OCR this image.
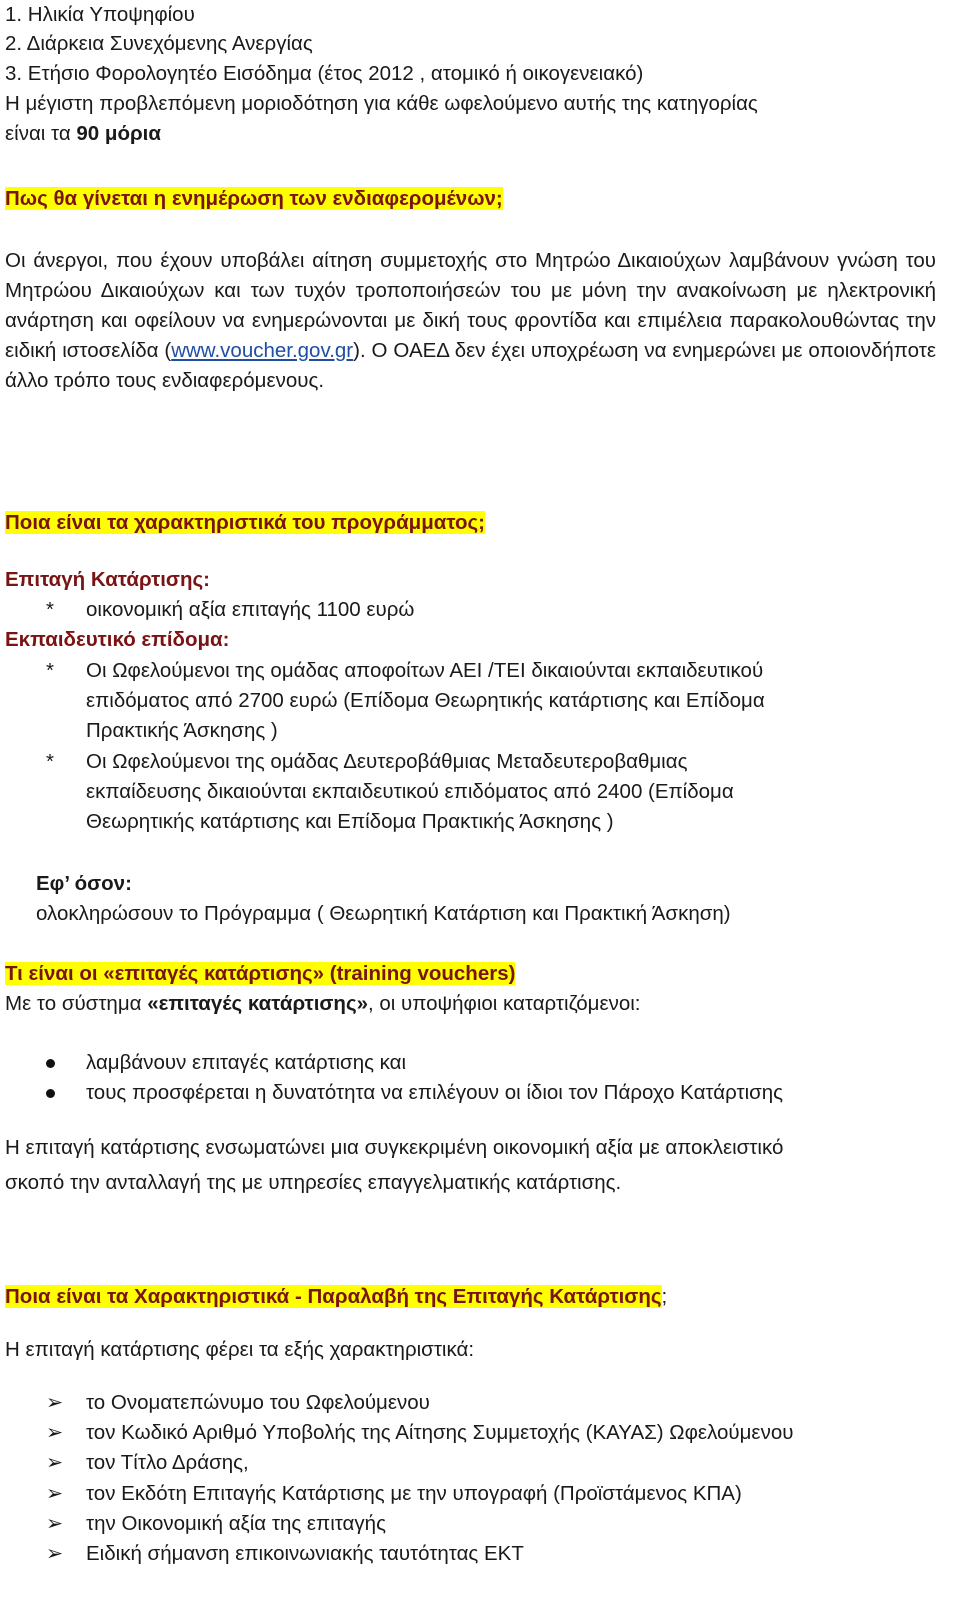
1. Ηλικία Υποψηφίου
2. Διάρκεια Συνεχόμενης Ανεργίας
3. Ετήσιο Φορολογητέο Εισόδημα (έτος 2012 , ατομικό ή οικογενειακό)
Η μέγιστη προβλεπόμενη μοριοδότηση για κάθε ωφελούμενο αυτής της κατηγορίας
είναι τα 90 μόρια
Πως θα γίνεται η ενημέρωση των ενδιαφερομένων;
Οι άνεργοι, που έχουν υποβάλει αίτηση συμμετοχής στο Μητρώο Δικαιούχων λαμβάνουν γνώση του Μητρώου Δικαιούχων και των τυχόν τροποποιήσεών του με μόνη την ανακοίνωση με ηλεκτρονική ανάρτηση και οφείλουν να ενημερώνονται με δική τους φροντίδα και επιμέλεια παρακολουθώντας την ειδική ιστοσελίδα (www.voucher.gov.gr). Ο ΟΑΕΔ δεν έχει υποχρέωση να ενημερώνει με οποιονδήποτε άλλο τρόπο τους ενδιαφερόμενους.
Ποια είναι τα χαρακτηριστικά του προγράμματος;
Επιταγή Κατάρτισης:
* οικονομική αξία επιταγής 1100 ευρώ
Εκπαιδευτικό επίδομα:
* Οι Ωφελούμενοι της ομάδας αποφοίτων ΑΕΙ /ΤΕΙ δικαιούνται εκπαιδευτικού
επιδόματος από 2700 ευρώ (Επίδομα Θεωρητικής κατάρτισης και Επίδομα
Πρακτικής Άσκησης )
* Οι Ωφελούμενοι της ομάδας Δευτεροβάθμιας Μεταδευτεροβαθμιας
εκπαίδευσης δικαιούνται εκπαιδευτικού επιδόματος από 2400 (Επίδομα
Θεωρητικής κατάρτισης και Επίδομα Πρακτικής Άσκησης )
Εφ’ όσον:
ολοκληρώσουν το Πρόγραμμα ( Θεωρητική Κατάρτιση και Πρακτική Άσκηση)
Τι είναι οι «επιταγές κατάρτισης» (training vouchers)
Με το σύστημα «επιταγές κατάρτισης», οι υποψήφιοι καταρτιζόμενοι:
λαμβάνουν επιταγές κατάρτισης και
τους προσφέρεται η δυνατότητα να επιλέγουν οι ίδιοι τον Πάροχο Κατάρτισης
Η επιταγή κατάρτισης ενσωματώνει μια συγκεκριμένη οικονομική αξία με αποκλειστικό
σκοπό την ανταλλαγή της με υπηρεσίες επαγγελματικής κατάρτισης.
Ποια είναι τα Χαρακτηριστικά - Παραλαβή της Επιταγής Κατάρτισης;
Η επιταγή κατάρτισης φέρει τα εξής χαρακτηριστικά:
➢ το Ονοματεπώνυμο του Ωφελούμενου
➢ τον Κωδικό Αριθμό Υποβολής της Αίτησης Συμμετοχής (ΚΑΥΑΣ) Ωφελούμενου
➢ τον Τίτλο Δράσης,
➢ τον Εκδότη Επιταγής Κατάρτισης με την υπογραφή (Προϊστάμενος ΚΠΑ)
➢ την Οικονομική αξία της επιταγής
➢ Ειδική σήμανση επικοινωνιακής ταυτότητας ΕΚΤ
